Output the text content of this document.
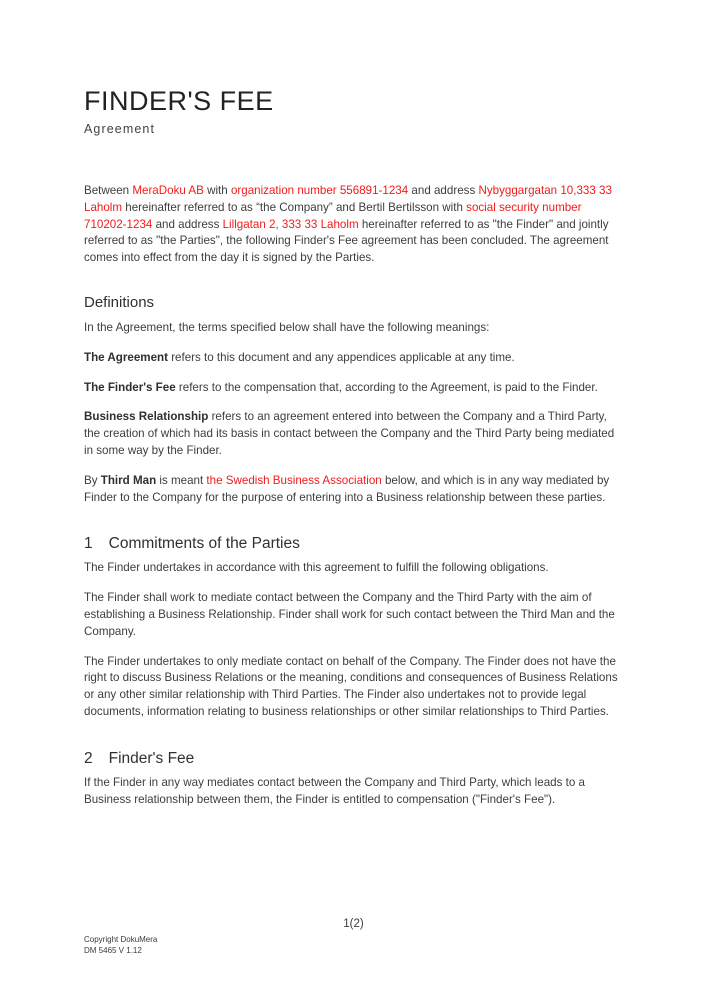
FINDER'S FEE
Agreement

Between MeraDoku AB with organization number 556891-1234 and address Nybyggargatan 10,333 33 Laholm hereinafter referred to as “the Company” and Bertil Bertilsson with social security number 710202-1234 and address Lillgatan 2, 333 33 Laholm hereinafter referred to as "the Finder" and jointly referred to as "the Parties", the following Finder's Fee agreement has been concluded. The agreement comes into effect from the day it is signed by the Parties.

Definitions

In the Agreement, the terms specified below shall have the following meanings:

The Agreement refers to this document and any appendices applicable at any time.

The Finder's Fee refers to the compensation that, according to the Agreement, is paid to the Finder.

Business Relationship refers to an agreement entered into between the Company and a Third Party, the creation of which had its basis in contact between the Company and the Third Party being mediated in some way by the Finder.

By Third Man is meant the Swedish Business Association below, and which is in any way mediated by Finder to the Company for the purpose of entering into a Business relationship between these parties.

1 Commitments of the Parties

The Finder undertakes in accordance with this agreement to fulfill the following obligations.

The Finder shall work to mediate contact between the Company and the Third Party with the aim of establishing a Business Relationship. Finder shall work for such contact between the Third Man and the Company.

The Finder undertakes to only mediate contact on behalf of the Company. The Finder does not have the right to discuss Business Relations or the meaning, conditions and consequences of Business Relations or any other similar relationship with Third Parties. The Finder also undertakes not to provide legal documents, information relating to business relationships or other similar relationships to Third Parties.

2 Finder's Fee

If the Finder in any way mediates contact between the Company and Third Party, which leads to a Business relationship between them, the Finder is entitled to compensation ("Finder's Fee").

1(2)
Copyright DokuMera
DM 5465 V 1.12
